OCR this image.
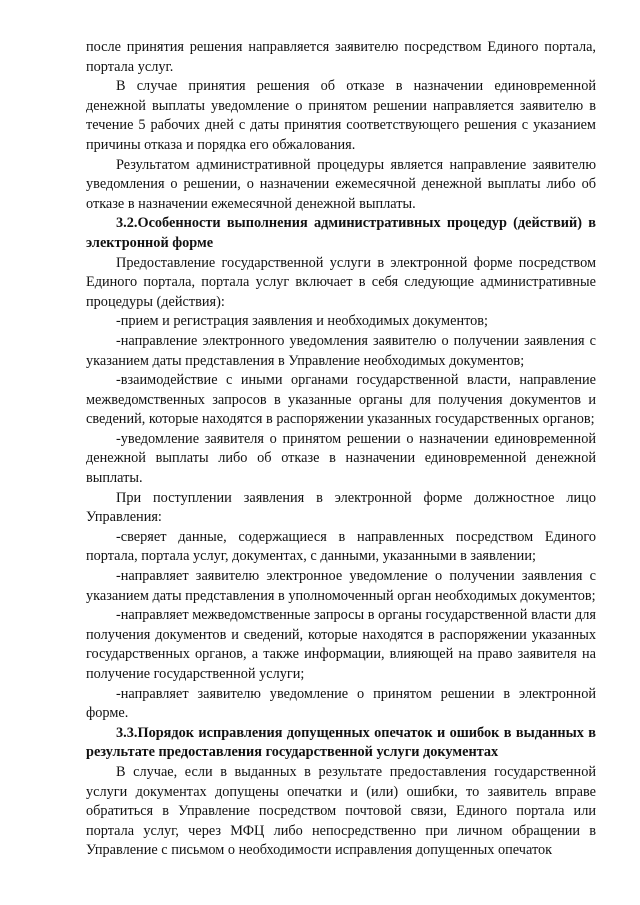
после принятия решения направляется заявителю посредством Единого портала, портала услуг.

В случае принятия решения об отказе в назначении единовременной денежной выплаты уведомление о принятом решении направляется заявителю в течение 5 рабочих дней с даты принятия соответствующего решения с указанием причины отказа и порядка его обжалования.

Результатом административной процедуры является направление заявителю уведомления о решении, о назначении ежемесячной денежной выплаты либо об отказе в назначении ежемесячной денежной выплаты.

3.2.Особенности выполнения административных процедур (действий) в электронной форме

Предоставление государственной услуги в электронной форме посредством Единого портала, портала услуг включает в себя следующие административные процедуры (действия):

-прием и регистрация заявления и необходимых документов;

-направление электронного уведомления заявителю о получении заявления с указанием даты представления в Управление необходимых документов;

-взаимодействие с иными органами государственной власти, направление межведомственных запросов в указанные органы для получения документов и сведений, которые находятся в распоряжении указанных государственных органов;

-уведомление заявителя о принятом решении о назначении единовременной денежной выплаты либо об отказе в назначении единовременной денежной выплаты.

При поступлении заявления в электронной форме должностное лицо Управления:

-сверяет данные, содержащиеся в направленных посредством Единого портала, портала услуг, документах, с данными, указанными в заявлении;

-направляет заявителю электронное уведомление о получении заявления с указанием даты представления в уполномоченный орган необходимых документов;

-направляет межведомственные запросы в органы государственной власти для получения документов и сведений, которые находятся в распоряжении указанных государственных органов, а также информации, влияющей на право заявителя на получение государственной услуги;

-направляет заявителю уведомление о принятом решении в электронной форме.

3.3.Порядок исправления допущенных опечаток и ошибок в выданных в результате предоставления государственной услуги документах

В случае, если в выданных в результате предоставления государственной услуги документах допущены опечатки и (или) ошибки, то заявитель вправе обратиться в Управление посредством почтовой связи, Единого портала или портала услуг, через МФЦ либо непосредственно при личном обращении в Управление с письмом о необходимости исправления допущенных опечаток
